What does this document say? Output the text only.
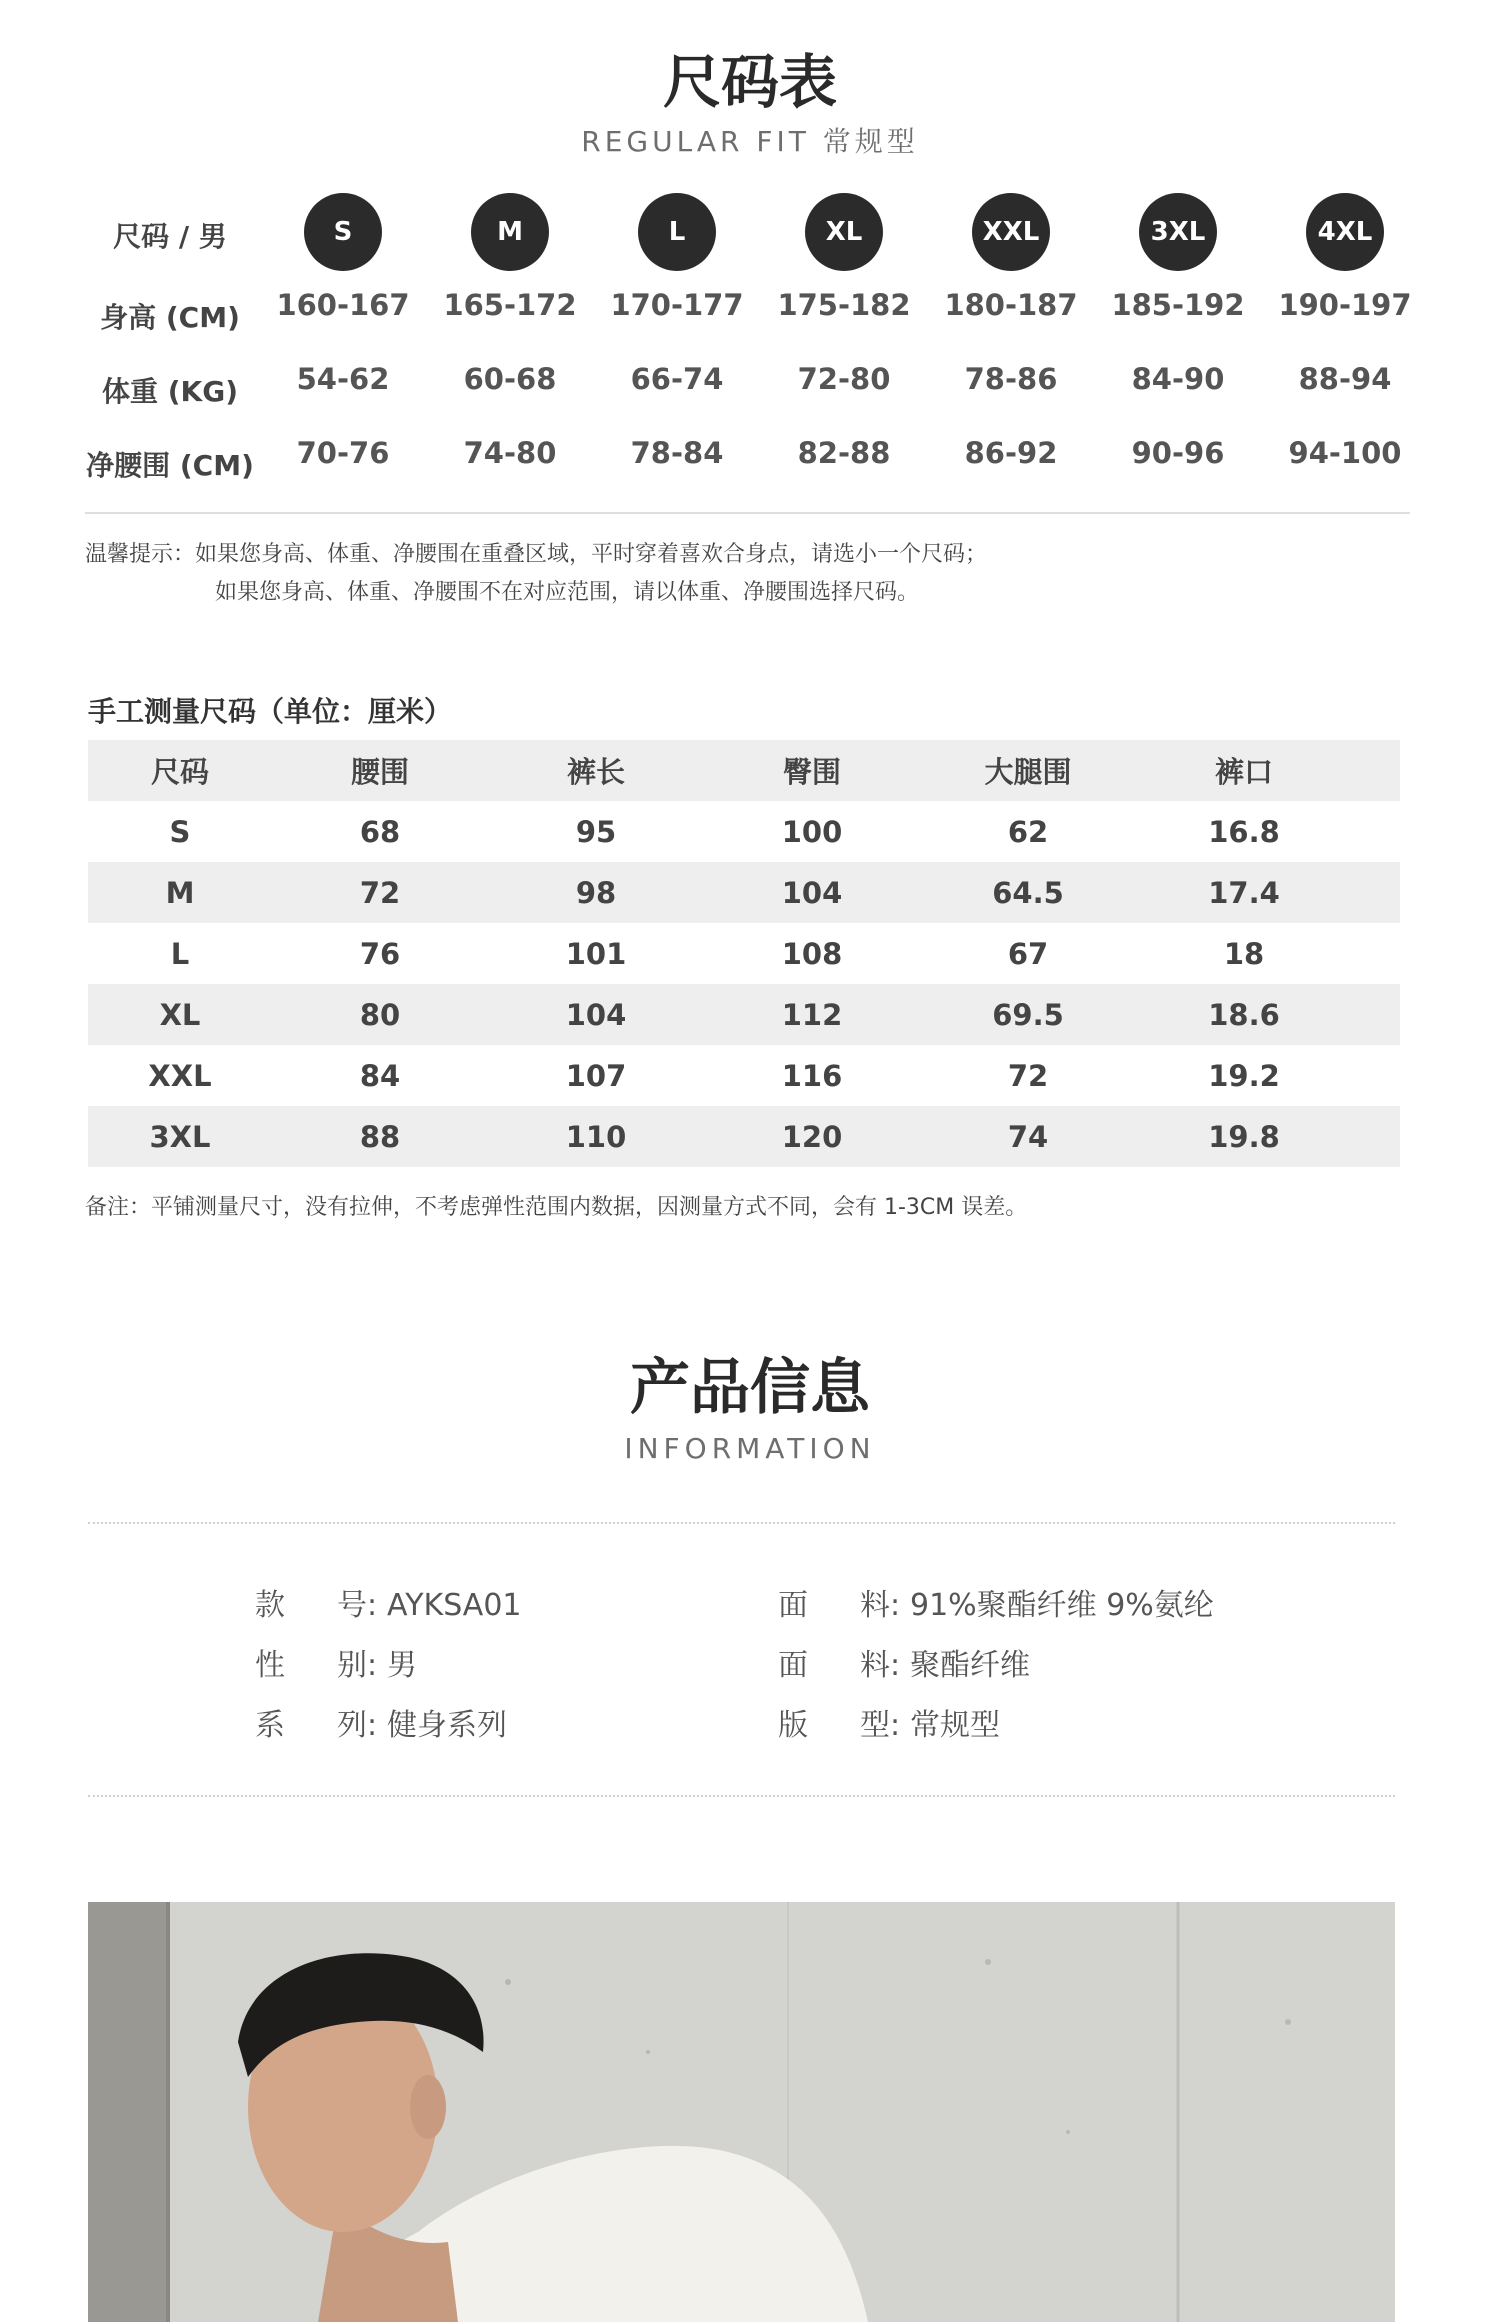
尺码表
REGULAR FIT 常规型
尺码 / 男	S	M	L	XL	XXL	3XL	4XL
身高 (CM)	160-167	165-172	170-177	175-182	180-187	185-192	190-197
体重 (KG)	54-62	60-68	66-74	72-80	78-86	84-90	88-94
净腰围 (CM)	70-76	74-80	78-84	82-88	86-92	90-96	94-100
温馨提示：如果您身高、体重、净腰围在重叠区域，平时穿着喜欢合身点，请选小一个尺码；
如果您身高、体重、净腰围不在对应范围，请以体重、净腰围选择尺码。
手工测量尺码（单位：厘米）
尺码	腰围	裤长	臀围	大腿围	裤口
S	68	95	100	62	16.8
M	72	98	104	64.5	17.4
L	76	101	108	67	18
XL	80	104	112	69.5	18.6
XXL	84	107	116	72	19.2
3XL	88	110	120	74	19.8
备注：平铺测量尺寸，没有拉伸，不考虑弹性范围内数据，因测量方式不同，会有 1-3CM 误差。
产品信息
INFORMATION
款 号: AYKSA01
性 别: 男
系 列: 健身系列
面 料: 91%聚酯纤维 9%氨纶
面 料: 聚酯纤维
版 型: 常规型
